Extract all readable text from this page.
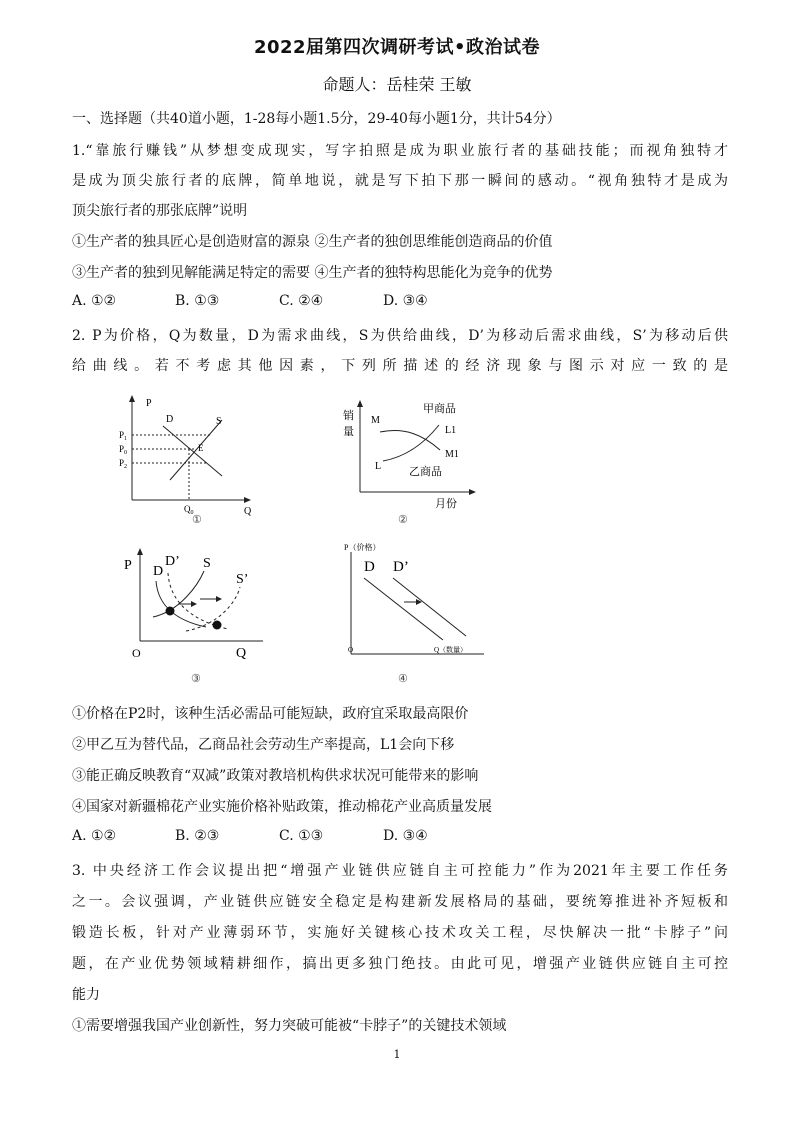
2022届第四次调研考试•政治试卷
命题人：岳桂荣 王敏
一、选择题（共40道小题，1-28每小题1.5分，29-40每小题1分，共计54分）
1.“靠旅行赚钱”从梦想变成现实，写字拍照是成为职业旅行者的基础技能；而视角独特才
是成为顶尖旅行者的底牌，简单地说，就是写下拍下那一瞬间的感动。“视角独特才是成为
顶尖旅行者的那张底牌”说明
①生产者的独具匠心是创造财富的源泉 ②生产者的独创思维能创造商品的价值
③生产者的独到见解能满足特定的需要 ④生产者的独特构思能化为竞争的优势
A. ①②	B. ①③	C. ②④	D. ③④
2. P为价格，Q为数量，D为需求曲线，S为供给曲线，D’为移动后需求曲线，S’为移动后供
给曲线。若不考虑其他因素，下列所描述的经济现象与图示对应一致的是
P
Q
D	S
E
$P_1$
$P_0$
$P_2$
$Q_0$
①
销
量
甲商品
M
L
L1
M1
乙商品
月份
②
P
O	Q
D
D’ S
S’
③
P（价格）
O	Q（数量）
D D’
④
①价格在P2时，该种生活必需品可能短缺，政府宜采取最高限价
②甲乙互为替代品，乙商品社会劳动生产率提高，L1会向下移
③能正确反映教育“双减”政策对教培机构供求状况可能带来的影响
④国家对新疆棉花产业实施价格补贴政策，推动棉花产业高质量发展
A. ①②	B. ②③	C. ①③	D. ③④
3. 中央经济工作会议提出把“增强产业链供应链自主可控能力”作为2021年主要工作任务
之一。会议强调，产业链供应链安全稳定是构建新发展格局的基础，要统筹推进补齐短板和
锻造长板，针对产业薄弱环节，实施好关键核心技术攻关工程，尽快解决一批“卡脖子”问
题，在产业优势领域精耕细作，搞出更多独门绝技。由此可见，增强产业链供应链自主可控
能力
①需要增强我国产业创新性，努力突破可能被“卡脖子”的关键技术领域
1
